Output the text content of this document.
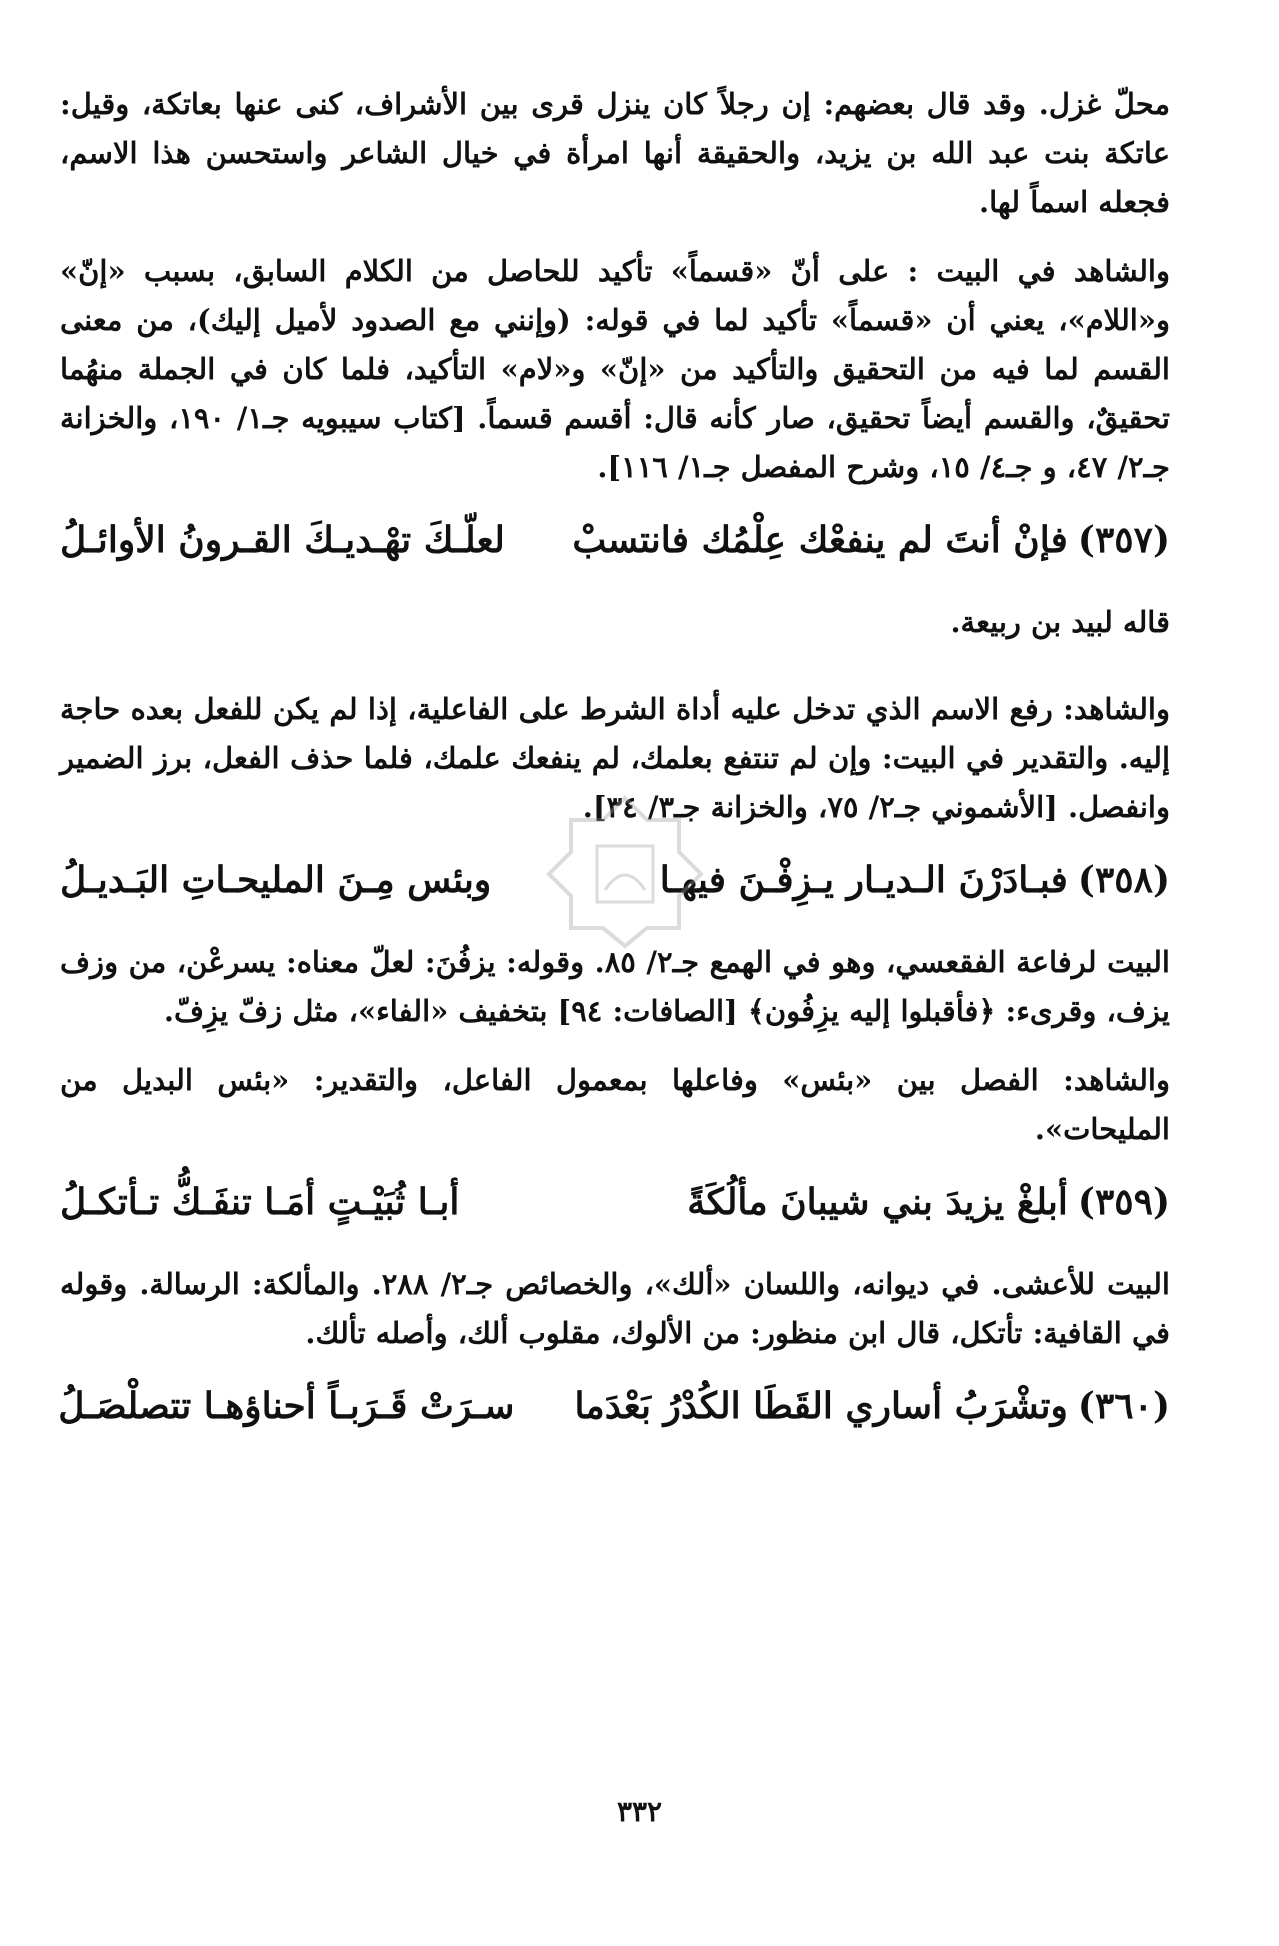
محلّ غزل. وقد قال بعضهم: إن رجلاً كان ينزل قرى بين الأشراف، كنى عنها بعاتكة، وقيل: عاتكة بنت عبد الله بن يزيد، والحقيقة أنها امرأة في خيال الشاعر واستحسن هذا الاسم، فجعله اسماً لها.

والشاهد في البيت : على أنّ «قسماً» تأكيد للحاصل من الكلام السابق، بسبب «إنّ» و«اللام»، يعني أن «قسماً» تأكيد لما في قوله: (وإنني مع الصدود لأميل إليك)، من معنى القسم لما فيه من التحقيق والتأكيد من «إنّ» و«لام» التأكيد، فلما كان في الجملة منهُما تحقيقٌ، والقسم أيضاً تحقيق، صار كأنه قال: أقسم قسماً. [كتاب سيبويه جـ١/ ١٩٠، والخزانة جـ٢/ ٤٧، و جـ٤/ ١٥، وشرح المفصل جـ١/ ١١٦].

(٣٥٧)
فإنْ أنتَ لم ينفعْك عِلْمُك فانتسبْ
لعلّـكَ تهْـديـكَ القـرونُ الأوائـلُ

قاله لبيد بن ربيعة.

والشاهد: رفع الاسم الذي تدخل عليه أداة الشرط على الفاعلية، إذا لم يكن للفعل بعده حاجة إليه. والتقدير في البيت: وإن لم تنتفع بعلمك، لم ينفعك علمك، فلما حذف الفعل، برز الضمير وانفصل. [الأشموني جـ٢/ ٧٥، والخزانة جـ٣/ ٣٤].

(٣٥٨)
فبـادَرْنَ الـديـار يـزِفْـنَ فيهـا
وبئس مِـنَ المليحـاتِ البَـديـلُ

البيت لرفاعة الفقعسي، وهو في الهمع جـ٢/ ٨٥. وقوله: يزفُنَ: لعلّ معناه: يسرعْن، من وزف يزف، وقرىء: ﴿فأقبلوا إليه يزِفُون﴾ [الصافات: ٩٤] بتخفيف «الفاء»، مثل زفّ يزِفّ.

والشاهد: الفصل بين «بئس» وفاعلها بمعمول الفاعل، والتقدير: «بئس البديل من المليحات».

(٣٥٩)
أبلغْ يزيدَ بني شيبانَ مألُكَةً
أبـا ثُبَيْـتٍ أمَـا تنفَـكُّ تـأتكـلُ

البيت للأعشى. في ديوانه، واللسان «ألك»، والخصائص جـ٢/ ٢٨٨. والمألكة: الرسالة. وقوله في القافية: تأتكل، قال ابن منظور: من الألوك، مقلوب ألك، وأصله تألك.

(٣٦٠)
وتشْرَبُ أساري القَطَا الكُدْرُ بَعْدَما
سـرَتْ قَـرَبـاً أحناؤهـا تتصلْصَـلُ
٣٣٢
